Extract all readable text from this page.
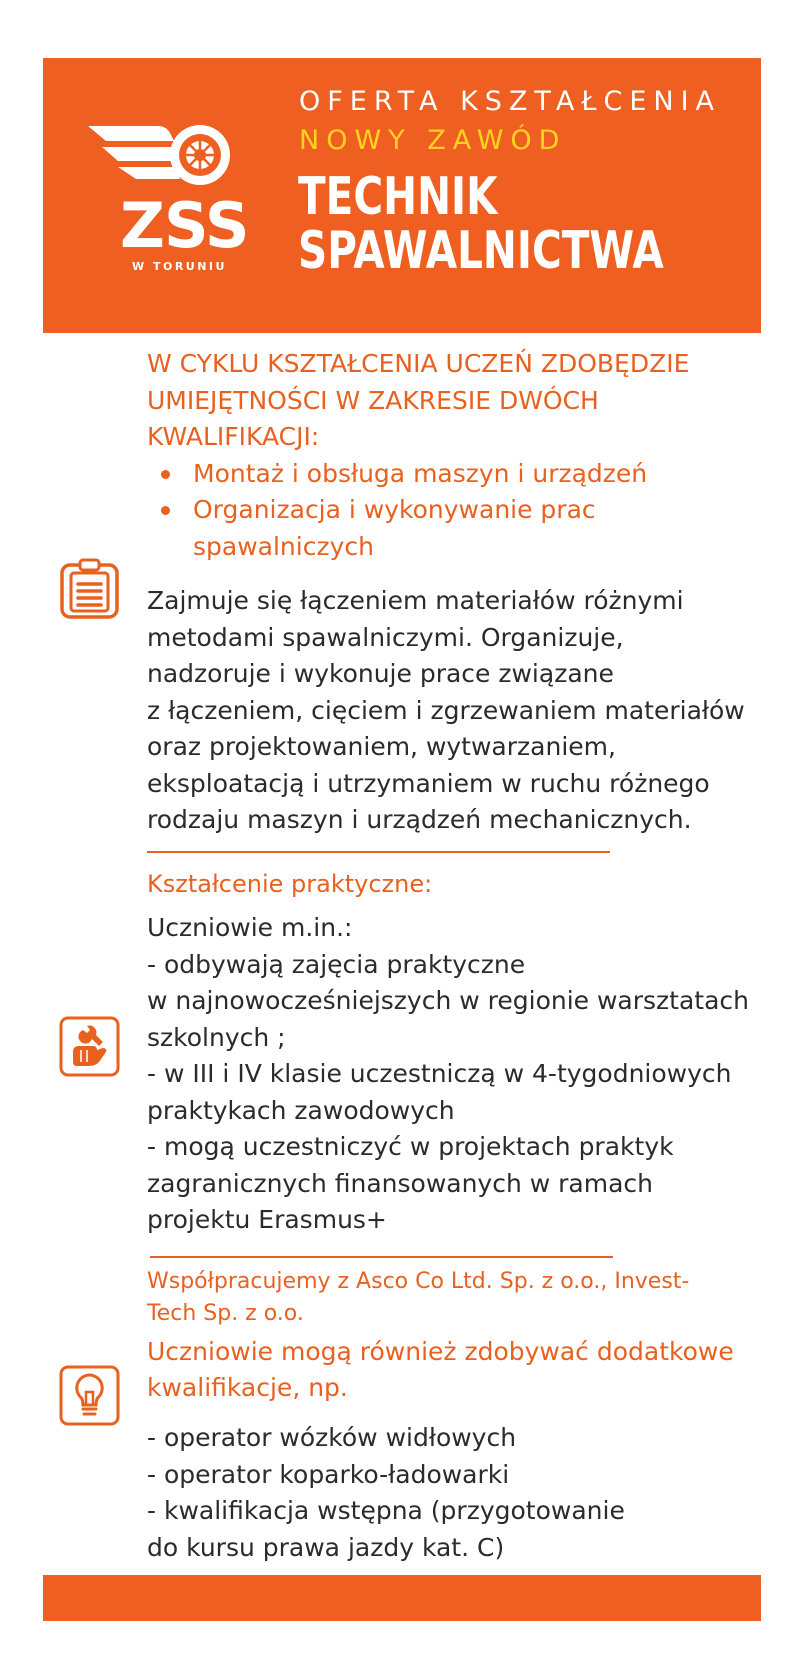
ZSS
W TORUNIU
OFERTA KSZTAŁCENIA
NOWY ZAWÓD
TECHNIK
SPAWALNICTWA
W CYKLU KSZTAŁCENIA UCZEŃ ZDOBĘDZIE
UMIEJĘTNOŚCI W ZAKRESIE DWÓCH
KWALIFIKACJI:
Montaż i obsługa maszyn i urządzeń
Organizacja i wykonywanie prac
spawalniczych
Zajmuje się łączeniem materiałów różnymi
metodami spawalniczymi. Organizuje,
nadzoruje i wykonuje prace związane
z łączeniem, cięciem i zgrzewaniem materiałów
oraz projektowaniem, wytwarzaniem,
eksploatacją i utrzymaniem w ruchu różnego
rodzaju maszyn i urządzeń mechanicznych.
Kształcenie praktyczne:
Uczniowie m.in.:
- odbywają zajęcia praktyczne
w najnowocześniejszych w regionie warsztatach
szkolnych ;
- w III i IV klasie uczestniczą w 4-tygodniowych
praktykach zawodowych
- mogą uczestniczyć w projektach praktyk
zagranicznych finansowanych w ramach
projektu Erasmus+
Współpracujemy z Asco Co Ltd. Sp. z o.o., Invest-
Tech Sp. z o.o.
Uczniowie mogą również zdobywać dodatkowe
kwalifikacje, np.
- operator wózków widłowych
- operator koparko-ładowarki
- kwalifikacja wstępna (przygotowanie
do kursu prawa jazdy kat. C)
